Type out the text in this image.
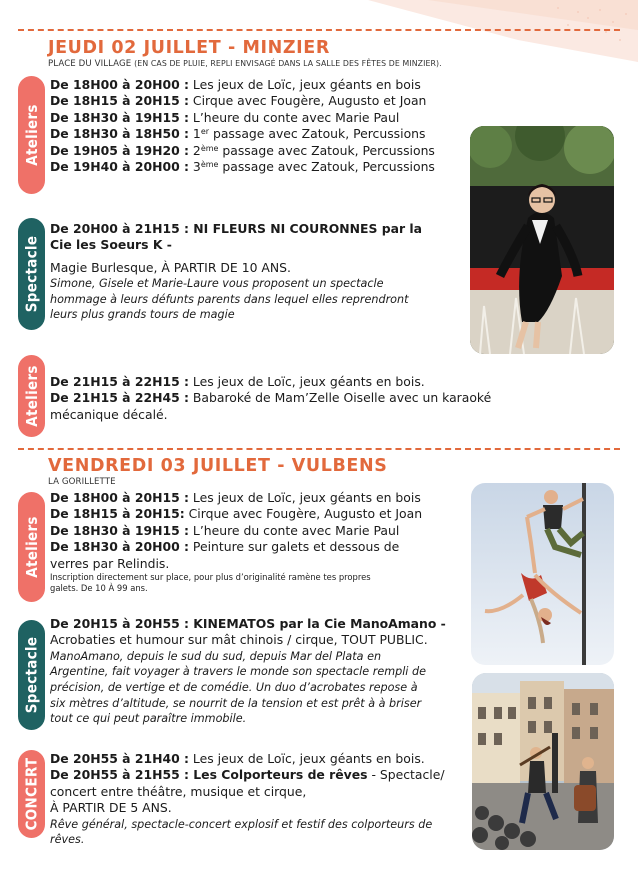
JEUDI 02 JUILLET - MINZIER
PLACE DU VILLAGE (EN CAS DE PLUIE, REPLI ENVISAGÉ DANS LA SALLE DES FÊTES DE MINZIER).
Ateliers
De 18H00 à 20H00 : Les jeux de Loïc, jeux géants en bois
De 18H15 à 20H15 : Cirque avec Fougère, Augusto et Joan
De 18H30 à 19H15 : L’heure du conte avec Marie Paul
De 18H30 à 18H50 : 1er passage avec Zatouk, Percussions
De 19H05 à 19H20 : 2ème passage avec Zatouk, Percussions
De 19H40 à 20H00 : 3ème passage avec Zatouk, Percussions
Spectacle
De 20H00 à 21H15 : NI FLEURS NI COURONNES par la
Cie les Soeurs K -
Magie Burlesque, À PARTIR DE 10 ANS.
Simone, Gisele et Marie-Laure vous proposent un spectacle
hommage à leurs défunts parents dans lequel elles reprendront
leurs plus grands tours de magie
Ateliers De 21H15 à 22H15 : Les jeux de Loïc, jeux géants en bois.
De 21H15 à 22H45 : Babaroké de Mam’Zelle Oiselle avec un karaoké
mécanique décalé.
VENDREDI 03 JUILLET - VULBENS
LA GORILLETTE
Ateliers
De 18H00 à 20H15 : Les jeux de Loïc, jeux géants en bois
De 18H15 à 20H15: Cirque avec Fougère, Augusto et Joan
De 18H30 à 19H15 : L’heure du conte avec Marie Paul
De 18H30 à 20H00 : Peinture sur galets et dessous de
verres par Relindis.
Inscription directement sur place, pour plus d’originalité ramène tes propres
galets. De 10 À 99 ans.
Spectacle
De 20H15 à 20H55 : KINEMATOS par la Cie ManoAmano -
Acrobaties et humour sur mât chinois / cirque, TOUT PUBLIC.
ManoAmano, depuis le sud du sud, depuis Mar del Plata en
Argentine, fait voyager à travers le monde son spectacle rempli de
précision, de vertige et de comédie. Un duo d’acrobates repose à
six mètres d’altitude, se nourrit de la tension et est prêt à à briser
tout ce qui peut paraître immobile.
CONCERT De 20H55 à 21H40 : Les jeux de Loïc, jeux géants en bois.
De 20H55 à 21H55 : Les Colporteurs de rêves - Spectacle/
concert entre théâtre, musique et cirque,
À PARTIR DE 5 ANS.
Rêve général, spectacle-concert explosif et festif des colporteurs de
rêves.
